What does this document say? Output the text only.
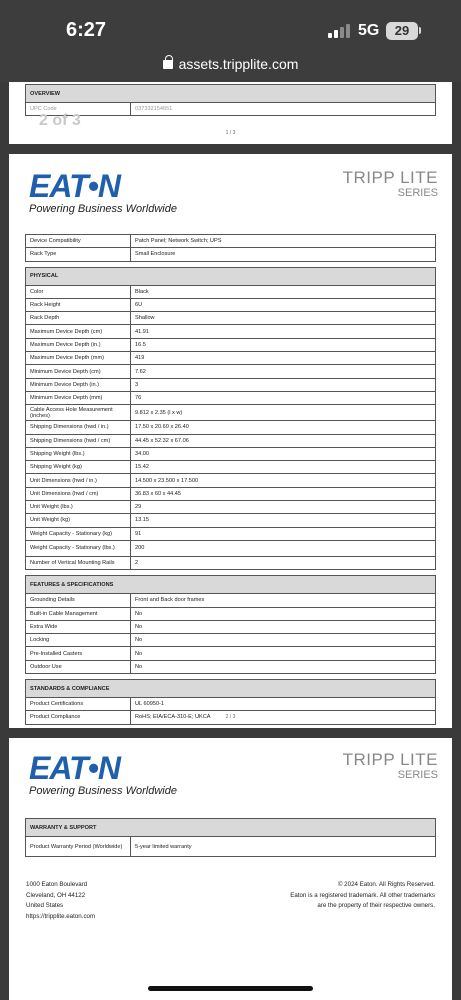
6:27	5G	29
assets.tripplite.com
OVERVIEW
UPC Code	037332154651
2 of 3
1 / 3
EAT•N
Powering Business Worldwide
TRIPP LITE
SERIES
Device Compatibility	Patch Panel; Network Switch; UPS
Rack Type	Small Enclosure

PHYSICAL	
Color	Black
Rack Height	6U
Rack Depth	Shallow
Maximum Device Depth (cm)	41.91
Maximum Device Depth (in.)	16.5
Maximum Device Depth (mm)	419
Minimum Device Depth (cm)	7.62
Minimum Device Depth (in.)	3
Minimum Device Depth (mm)	76
Cable Access Hole Measurement (inches)	9.812 x 2.35 (l x w)
Shipping Dimensions (hwd / in.)	17.50 x 20.60 x 26.40
Shipping Dimensions (hwd / cm)	44.45 x 52.32 x 67.06
Shipping Weight (lbs.)	34.00
Shipping Weight (kg)	15.42
Unit Dimensions (hwd / in.)	14.500 x 23.500 x 17.500
Unit Dimensions (hwd / cm)	36.83 x 60 x 44.45
Unit Weight (lbs.)	29
Unit Weight (kg)	13.15
Weight Capacity - Stationary (kg)	91
Weight Capacity - Stationary (lbs.)	200
Number of Vertical Mounting Rails	2

FEATURES & SPECIFICATIONS	
Grounding Details	Front and Back door frames
Built-in Cable Management	No
Extra Wide	No
Locking	No
Pre-Installed Casters	No
Outdoor Use	No

STANDARDS & COMPLIANCE	
Product Certifications	UL 60950-1
Product Compliance	RoHS; EIA/ECA-310-E; UKCA	2 / 3
EAT•N
Powering Business Worldwide
TRIPP LITE
SERIES
WARRANTY & SUPPORT
Product Warranty Period (Worldwide)	5-year limited warranty
1000 Eaton Boulevard
Cleveland, OH 44122
United States
https://tripplite.eaton.com
© 2024 Eaton. All Rights Reserved.
Eaton is a registered trademark. All other trademarks
are the property of their respective owners.
